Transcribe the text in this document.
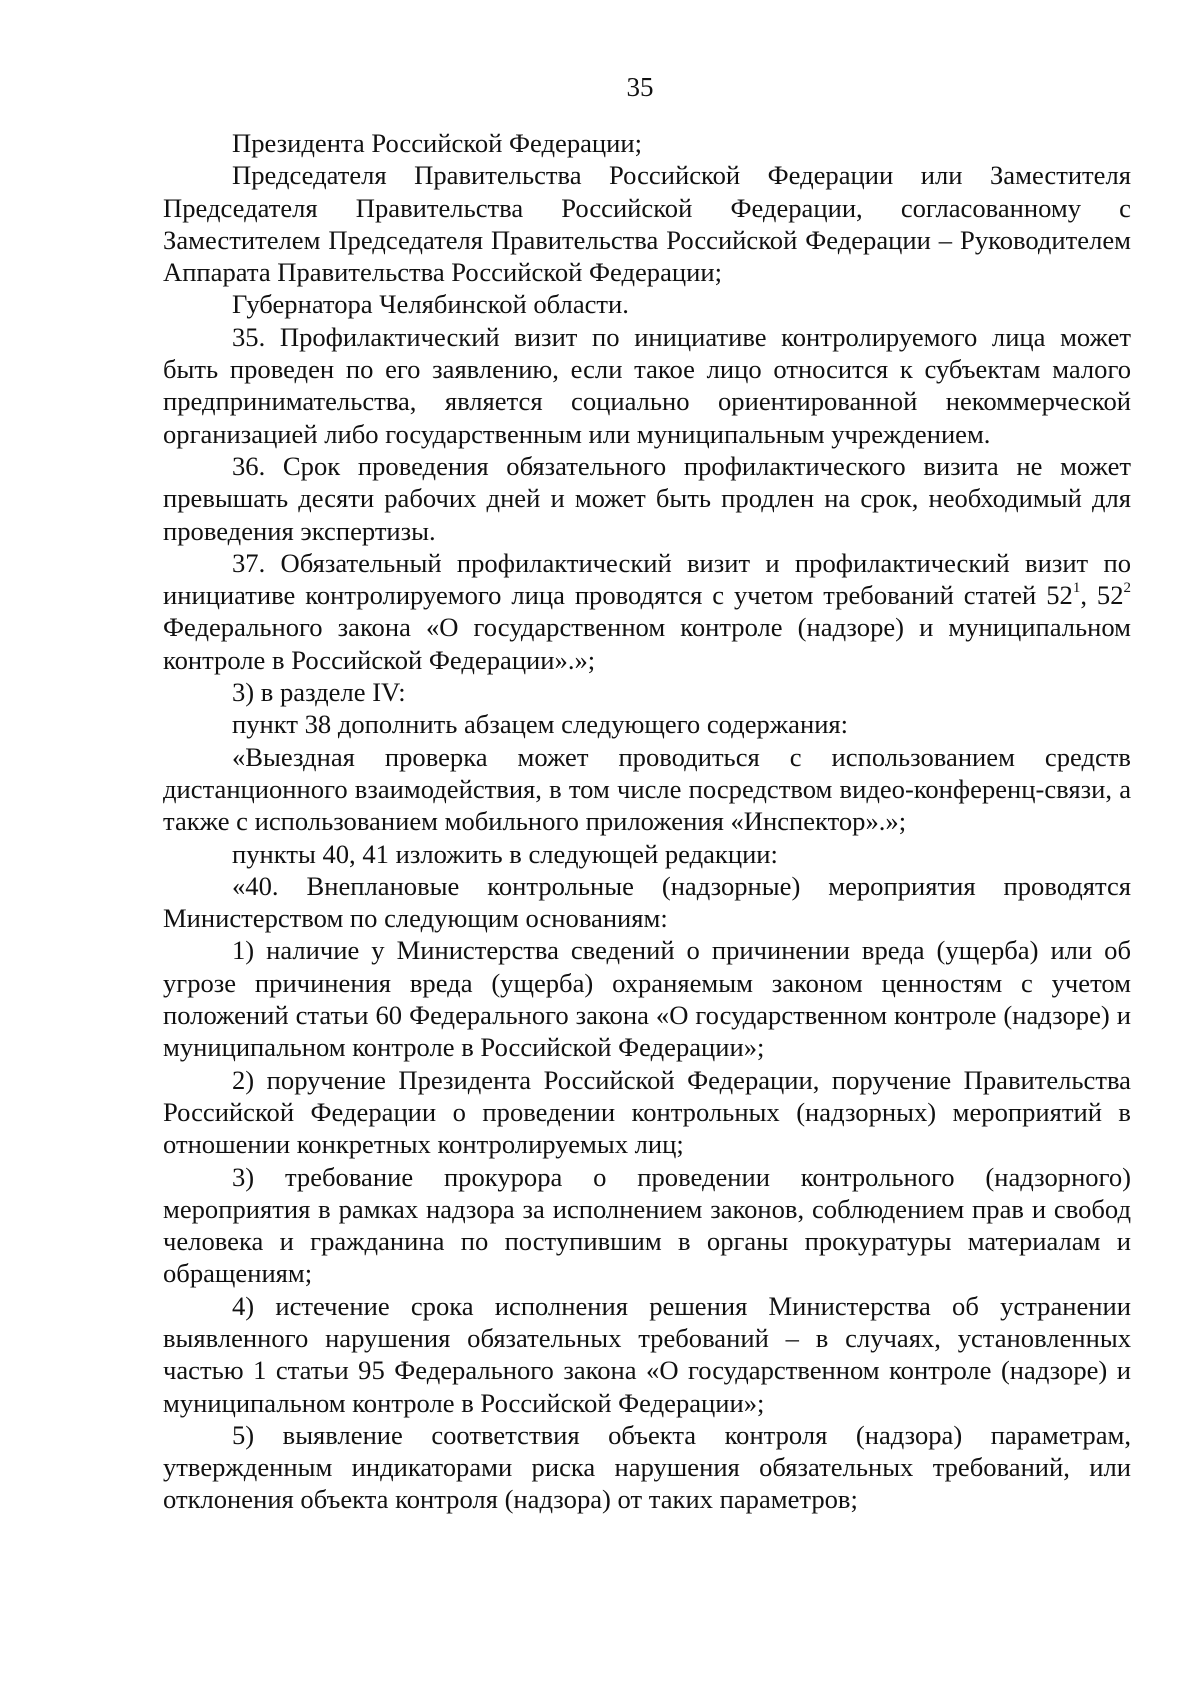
35

Президента Российской Федерации;

Председателя Правительства Российской Федерации или Заместителя Председателя Правительства Российской Федерации, согласованному с Заместителем Председателя Правительства Российской Федерации – Руководителем Аппарата Правительства Российской Федерации;

Губернатора Челябинской области.

35. Профилактический визит по инициативе контролируемого лица может быть проведен по его заявлению, если такое лицо относится к субъектам малого предпринимательства, является социально ориентированной некоммерческой организацией либо государственным или муниципальным учреждением.

36. Срок проведения обязательного профилактического визита не может превышать десяти рабочих дней и может быть продлен на срок, необходимый для проведения экспертизы.

37. Обязательный профилактический визит и профилактический визит по инициативе контролируемого лица проводятся с учетом требований статей $52^1$, $52^2$ Федерального закона «О государственном контроле (надзоре) и муниципальном контроле в Российской Федерации».»;

3) в разделе IV:

пункт 38 дополнить абзацем следующего содержания:

«Выездная проверка может проводиться с использованием средств дистанционного взаимодействия, в том числе посредством видео-конференц-связи, а также с использованием мобильного приложения «Инспектор».»;

пункты 40, 41 изложить в следующей редакции:

«40. Внеплановые контрольные (надзорные) мероприятия проводятся Министерством по следующим основаниям:

1) наличие у Министерства сведений о причинении вреда (ущерба) или об угрозе причинения вреда (ущерба) охраняемым законом ценностям с учетом положений статьи 60 Федерального закона «О государственном контроле (надзоре) и муниципальном контроле в Российской Федерации»;

2) поручение Президента Российской Федерации, поручение Правительства Российской Федерации о проведении контрольных (надзорных) мероприятий в отношении конкретных контролируемых лиц;

3) требование прокурора о проведении контрольного (надзорного) мероприятия в рамках надзора за исполнением законов, соблюдением прав и свобод человека и гражданина по поступившим в органы прокуратуры материалам и обращениям;

4) истечение срока исполнения решения Министерства об устранении выявленного нарушения обязательных требований – в случаях, установленных частью 1 статьи 95 Федерального закона «О государственном контроле (надзоре) и муниципальном контроле в Российской Федерации»;

5) выявление соответствия объекта контроля (надзора) параметрам, утвержденным индикаторами риска нарушения обязательных требований, или отклонения объекта контроля (надзора) от таких параметров;
